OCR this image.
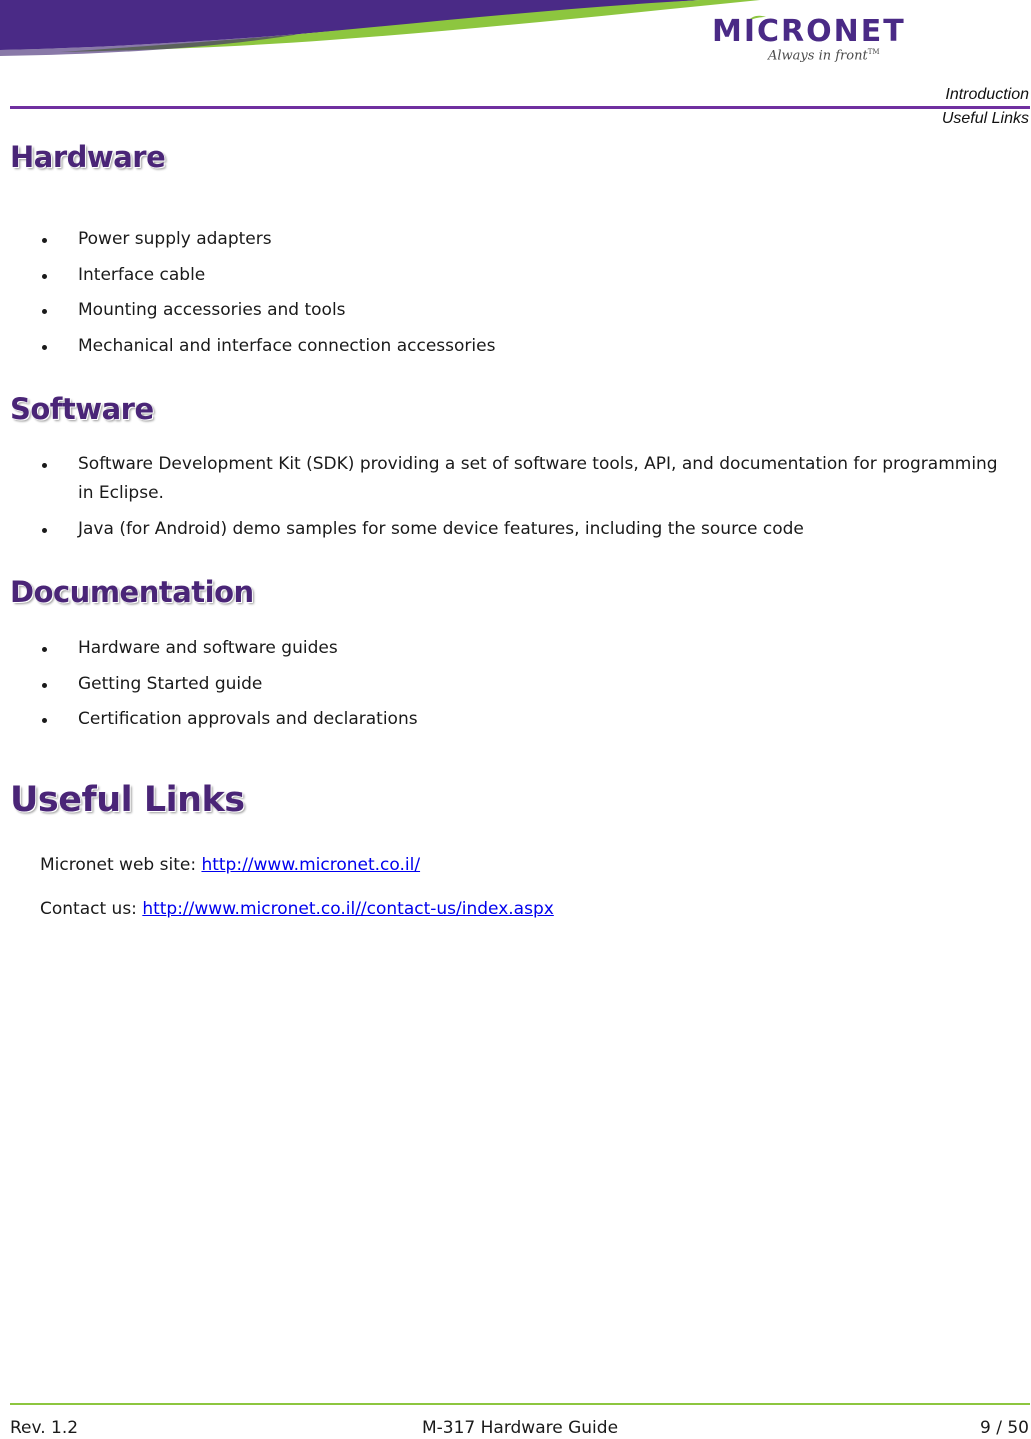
MICRONET
Always in front™
Introduction
Useful Links
Hardware
Power supply adapters
Interface cable
Mounting accessories and tools
Mechanical and interface connection accessories
Software
Software Development Kit (SDK) providing a set of software tools, API, and documentation for programming in Eclipse.
Java (for Android) demo samples for some device features, including the source code
Documentation
Hardware and software guides
Getting Started guide
Certification approvals and declarations
Useful Links

Micronet web site: http://www.micronet.co.il/

Contact us: http://www.micronet.co.il//contact-us/index.aspx

Rev. 1.2	M-317 Hardware Guide	9 / 50
